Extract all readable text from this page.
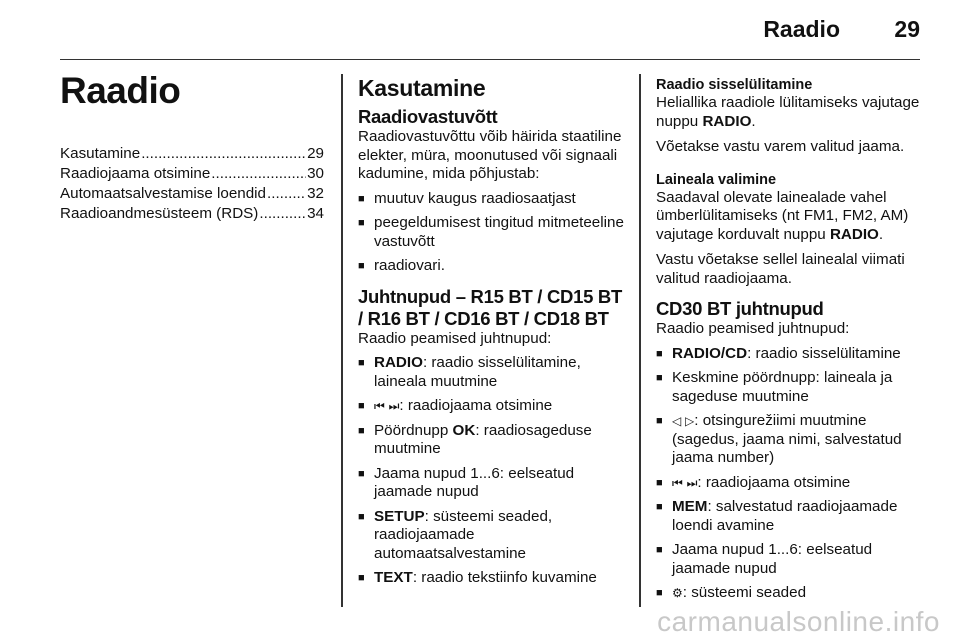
Raadio 29
Raadio
Kasutamine .....	29
Raadiojaama otsimine .....	30
Automaatsalvestamise loendid .....	32
Raadioandmesüsteem (RDS) .....	34
Kasutamine
Raadiovastuvõtt

Raadiovastuvõttu võib häirida staatiline elekter, müra, moonutused või signaali kadumine, mida põhjustab:

■ muutuv kaugus raadiosaatjast
■ peegeldumisest tingitud mitmeteeline vastuvõtt
■ raadiovari.
Juhtnupud – R15 BT / CD15 BT / R16 BT / CD16 BT / CD18 BT

Raadio peamised juhtnupud:

■ RADIO: raadio sisselülitamine, laineala muutmine
■ ⏮ ⏭: raadiojaama otsimine
■ Pöördnupp OK: raadiosageduse muutmine
■ Jaama nupud 1...6: eelseatud jaamade nupud
■ SETUP: süsteemi seaded, raadiojaamade automaatsalvestamine
■ TEXT: raadio tekstiinfo kuvamine
Raadio sisselülitamine

Heliallika raadiole lülitamiseks vajutage nuppu RADIO.

Võetakse vastu varem valitud jaama.

Laineala valimine

Saadaval olevate lainealade vahel ümberlülitamiseks (nt FM1, FM2, AM) vajutage korduvalt nuppu RADIO.

Vastu võetakse sellel lainealal viimati valitud raadiojaama.

CD30 BT juhtnupud

Raadio peamised juhtnupud:

■ RADIO/CD: raadio sisselülitamine
■ Keskmine pöördnupp: laineala ja sageduse muutmine
■ ◁ ▷: otsingurežiimi muutmine (sagedus, jaama nimi, salvestatud jaama number)
■ ⏮ ⏭: raadiojaama otsimine
■ MEM: salvestatud raadiojaamade loendi avamine
■ Jaama nupud 1...6: eelseatud jaamade nupud
■ ⚙: süsteemi seaded
carmanualsonline.info
